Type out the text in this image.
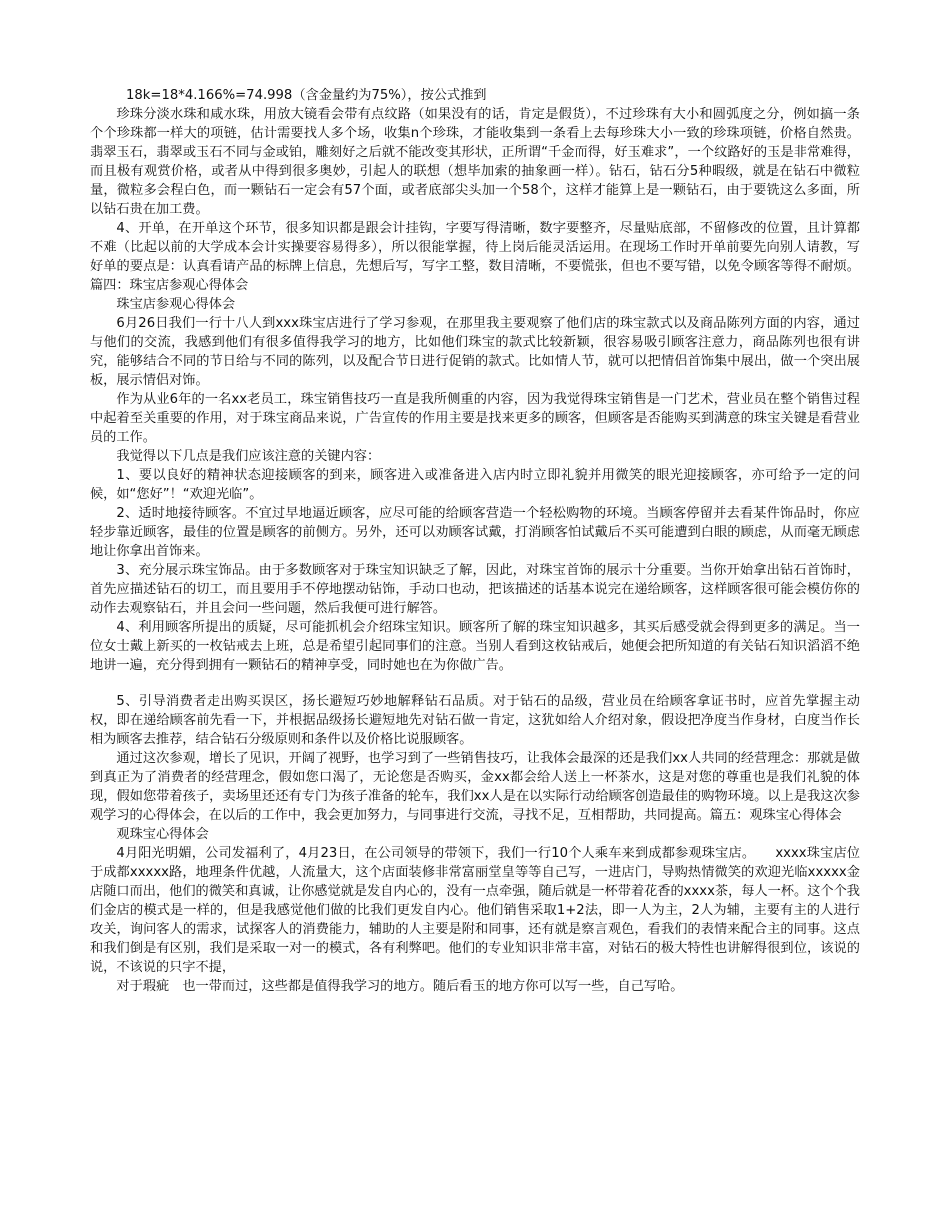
18k=18*4.166%=74.998（含金量约为75%），按公式推到

珍珠分淡水珠和咸水珠，用放大镜看会带有点纹路（如果没有的话，肯定是假货），不过珍珠有大小和圆弧度之分，例如搞一条个个珍珠都一样大的项链，估计需要找人多个场，收集n个珍珠，才能收集到一条看上去每珍珠大小一致的珍珠项链，价格自然贵。翡翠玉石，翡翠或玉石不同与金或铂，雕刻好之后就不能改变其形状，正所谓“千金而得，好玉难求”，一个纹路好的玉是非常难得，而且极有观赏价格，或者从中得到很多奥妙，引起人的联想（想毕加索的抽象画一样）。钻石，钻石分5种暇级，就是在钻石中微粒量，微粒多会程白色，而一颗钻石一定会有57个面，或者底部尖头加一个58个，这样才能算上是一颗钻石，由于要铣这么多面，所以钻石贵在加工费。

4、开单，在开单这个环节，很多知识都是跟会计挂钩，字要写得清晰，数字要整齐，尽量贴底部，不留修改的位置，且计算都不难（比起以前的大学成本会计实操要容易得多），所以很能掌握，待上岗后能灵活运用。在现场工作时开单前要先向别人请教，写好单的要点是：认真看请产品的标牌上信息，先想后写，写字工整，数目清晰，不要慌张，但也不要写错，以免令顾客等得不耐烦。篇四：珠宝店参观心得体会

珠宝店参观心得体会

6月26日我们一行十八人到xxx珠宝店进行了学习参观，在那里我主要观察了他们店的珠宝款式以及商品陈列方面的内容，通过与他们的交流，我感到他们有很多值得我学习的地方，比如他们珠宝的款式比较新颖，很容易吸引顾客注意力，商品陈列也很有讲究，能够结合不同的节日给与不同的陈列，以及配合节日进行促销的款式。比如情人节，就可以把情侣首饰集中展出，做一个突出展板，展示情侣对饰。

作为从业6年的一名xx老员工，珠宝销售技巧一直是我所侧重的内容，因为我觉得珠宝销售是一门艺术，营业员在整个销售过程中起着至关重要的作用，对于珠宝商品来说，广告宣传的作用主要是找来更多的顾客，但顾客是否能购买到满意的珠宝关键是看营业员的工作。

我觉得以下几点是我们应该注意的关键内容：

1、要以良好的精神状态迎接顾客的到来，顾客进入或准备进入店内时立即礼貌并用微笑的眼光迎接顾客，亦可给予一定的问候，如“您好”！“欢迎光临”。

2、适时地接待顾客。不宜过早地逼近顾客，应尽可能的给顾客营造一个轻松购物的环境。当顾客停留并去看某件饰品时，你应轻步靠近顾客，最佳的位置是顾客的前侧方。另外，还可以劝顾客试戴，打消顾客怕试戴后不买可能遭到白眼的顾虑，从而毫无顾虑地让你拿出首饰来。

3、充分展示珠宝饰品。由于多数顾客对于珠宝知识缺乏了解，因此，对珠宝首饰的展示十分重要。当你开始拿出钻石首饰时，首先应描述钻石的切工，而且要用手不停地摆动钻饰，手动口也动，把该描述的话基本说完在递给顾客，这样顾客很可能会模仿你的动作去观察钻石，并且会问一些问题，然后我便可进行解答。

4、利用顾客所提出的质疑，尽可能抓机会介绍珠宝知识。顾客所了解的珠宝知识越多，其买后感受就会得到更多的满足。当一位女士戴上新买的一枚钻戒去上班，总是希望引起同事们的注意。当别人看到这枚钻戒后，她便会把所知道的有关钻石知识滔滔不绝地讲一遍，充分得到拥有一颗钻石的精神享受，同时她也在为你做广告。

5、引导消费者走出购买误区，扬长避短巧妙地解释钻石品质。对于钻石的品级，营业员在给顾客拿证书时，应首先掌握主动权，即在递给顾客前先看一下，并根据品级扬长避短地先对钻石做一肯定，这犹如给人介绍对象，假设把净度当作身材，白度当作长相为顾客去推荐，结合钻石分级原则和条件以及价格比说服顾客。

通过这次参观，增长了见识，开阔了视野，也学习到了一些销售技巧，让我体会最深的还是我们xx人共同的经营理念：那就是做到真正为了消费者的经营理念，假如您口渴了，无论您是否购买，金xx都会给人送上一杯茶水，这是对您的尊重也是我们礼貌的体现，假如您带着孩子，卖场里还还有专门为孩子准备的轮车，我们xx人是在以实际行动给顾客创造最佳的购物环境。以上是我这次参观学习的心得体会，在以后的工作中，我会更加努力，与同事进行交流，寻找不足，互相帮助，共同提高。篇五：观珠宝心得体会

观珠宝心得体会

4月阳光明媚，公司发福利了，4月23日，在公司领导的带领下，我们一行10个人乘车来到成都参观珠宝店。　　xxxx珠宝店位于成都xxxxx路，地理条件优越，人流量大，这个店面装修非常富丽堂皇等等自己写，一进店门，导购热情微笑的欢迎光临xxxxx金店随口而出，他们的微笑和真诚，让你感觉就是发自内心的，没有一点牵强，随后就是一杯带着花香的xxxx茶，每人一杯。这个个我们金店的模式是一样的，但是我感觉他们做的比我们更发自内心。他们销售采取1+2法，即一人为主，2人为辅，主要有主的人进行攻关，询问客人的需求，试探客人的消费能力，辅助的人主要是附和同事，还有就是察言观色，看我们的表情来配合主的同事。这点和我们倒是有区别，我们是采取一对一的模式，各有利弊吧。他们的专业知识非常丰富，对钻石的极大特性也讲解得很到位，该说的说，不该说的只字不提，

对于瑕疵　也一带而过，这些都是值得我学习的地方。随后看玉的地方你可以写一些，自己写哈。
